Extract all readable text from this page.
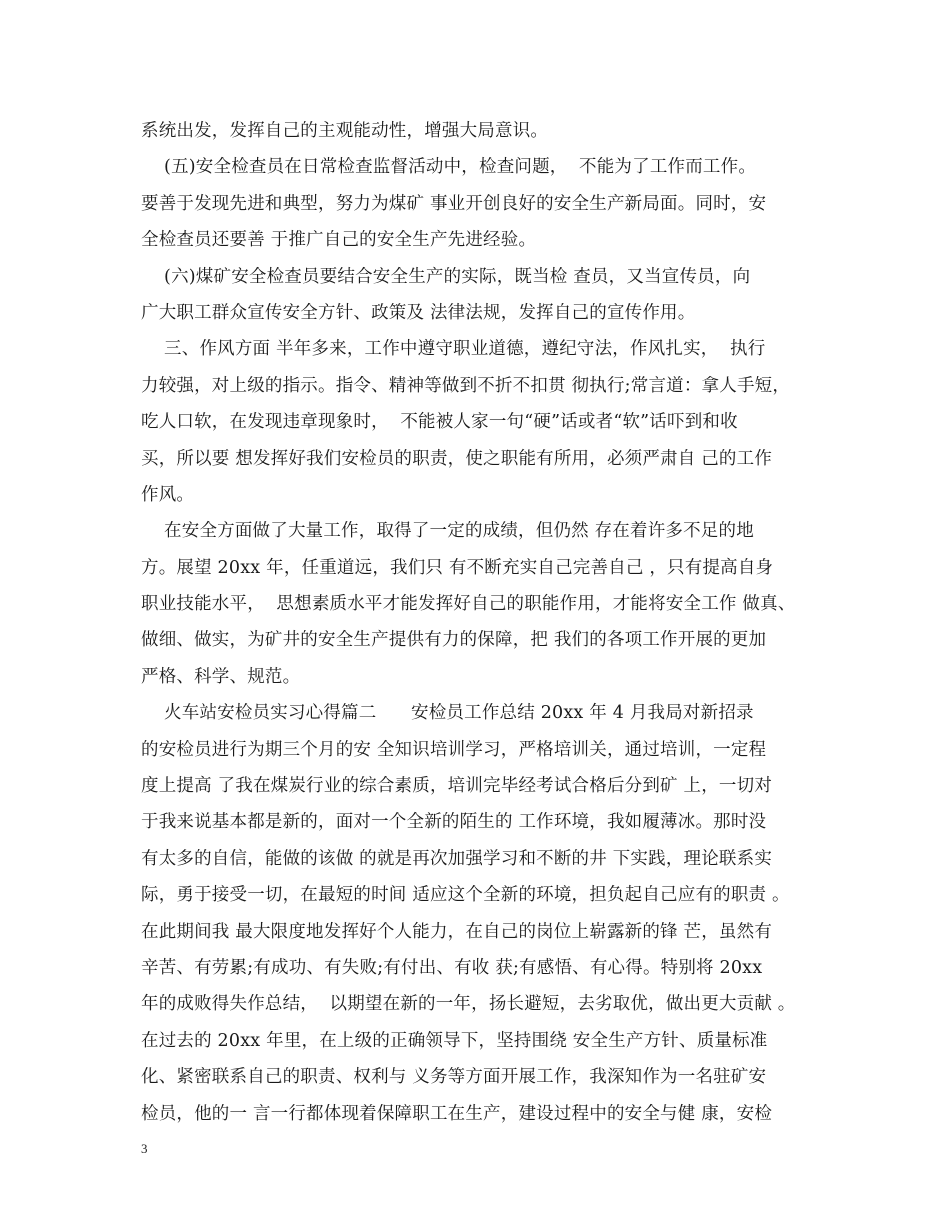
系统出发，发挥自己的主观能动性，增强大局意识。
(五)安全检查员在日常检查监督活动中，检查问题，  不能为了工作而工作。
要善于发现先进和典型，努力为煤矿 事业开创良好的安全生产新局面。同时，安
全检查员还要善 于推广自己的安全生产先进经验。
(六)煤矿安全检查员要结合安全生产的实际，既当检 查员，又当宣传员，向
广大职工群众宣传安全方针、政策及 法律法规，发挥自己的宣传作用。
三、作风方面 半年多来，工作中遵守职业道德，遵纪守法，作风扎实，  执行
力较强，对上级的指示。指令、精神等做到不折不扣贯 彻执行;常言道：拿人手短，
吃人口软，在发现违章现象时，  不能被人家一句“硬”话或者“软”话吓到和收
买，所以要 想发挥好我们安检员的职责，使之职能有所用，必须严肃自 己的工作
作风。
在安全方面做了大量工作，取得了一定的成绩，但仍然 存在着许多不足的地
方。展望 20xx 年，任重道远，我们只 有不断充实自己完善自己 ，只有提高自身
职业技能水平，  思想素质水平才能发挥好自己的职能作用，才能将安全工作 做真、
做细、做实，为矿井的安全生产提供有力的保障，把 我们的各项工作开展的更加
严格、科学、规范。
火车站安检员实习心得篇二      安检员工作总结 20xx 年 4 月我局对新招录
的安检员进行为期三个月的安 全知识培训学习，严格培训关，通过培训，一定程
度上提高 了我在煤炭行业的综合素质，培训完毕经考试合格后分到矿 上，一切对
于我来说基本都是新的，面对一个全新的陌生的 工作环境，我如履薄冰。那时没
有太多的自信，能做的该做 的就是再次加强学习和不断的井 下实践，理论联系实
际，勇于接受一切，在最短的时间 适应这个全新的环境，担负起自己应有的职责 。
在此期间我 最大限度地发挥好个人能力，在自己的岗位上崭露新的锋 芒，虽然有
辛苦、有劳累;有成功、有失败;有付出、有收 获;有感悟、有心得。特别将 20xx
年的成败得失作总结，  以期望在新的一年，扬长避短，去劣取优，做出更大贡献 。
在过去的 20xx 年里，在上级的正确领导下，坚持围绕 安全生产方针、质量标准
化、紧密联系自己的职责、权利与 义务等方面开展工作，我深知作为一名驻矿安
检员，他的一 言一行都体现着保障职工在生产，建设过程中的安全与健 康，安检
3
